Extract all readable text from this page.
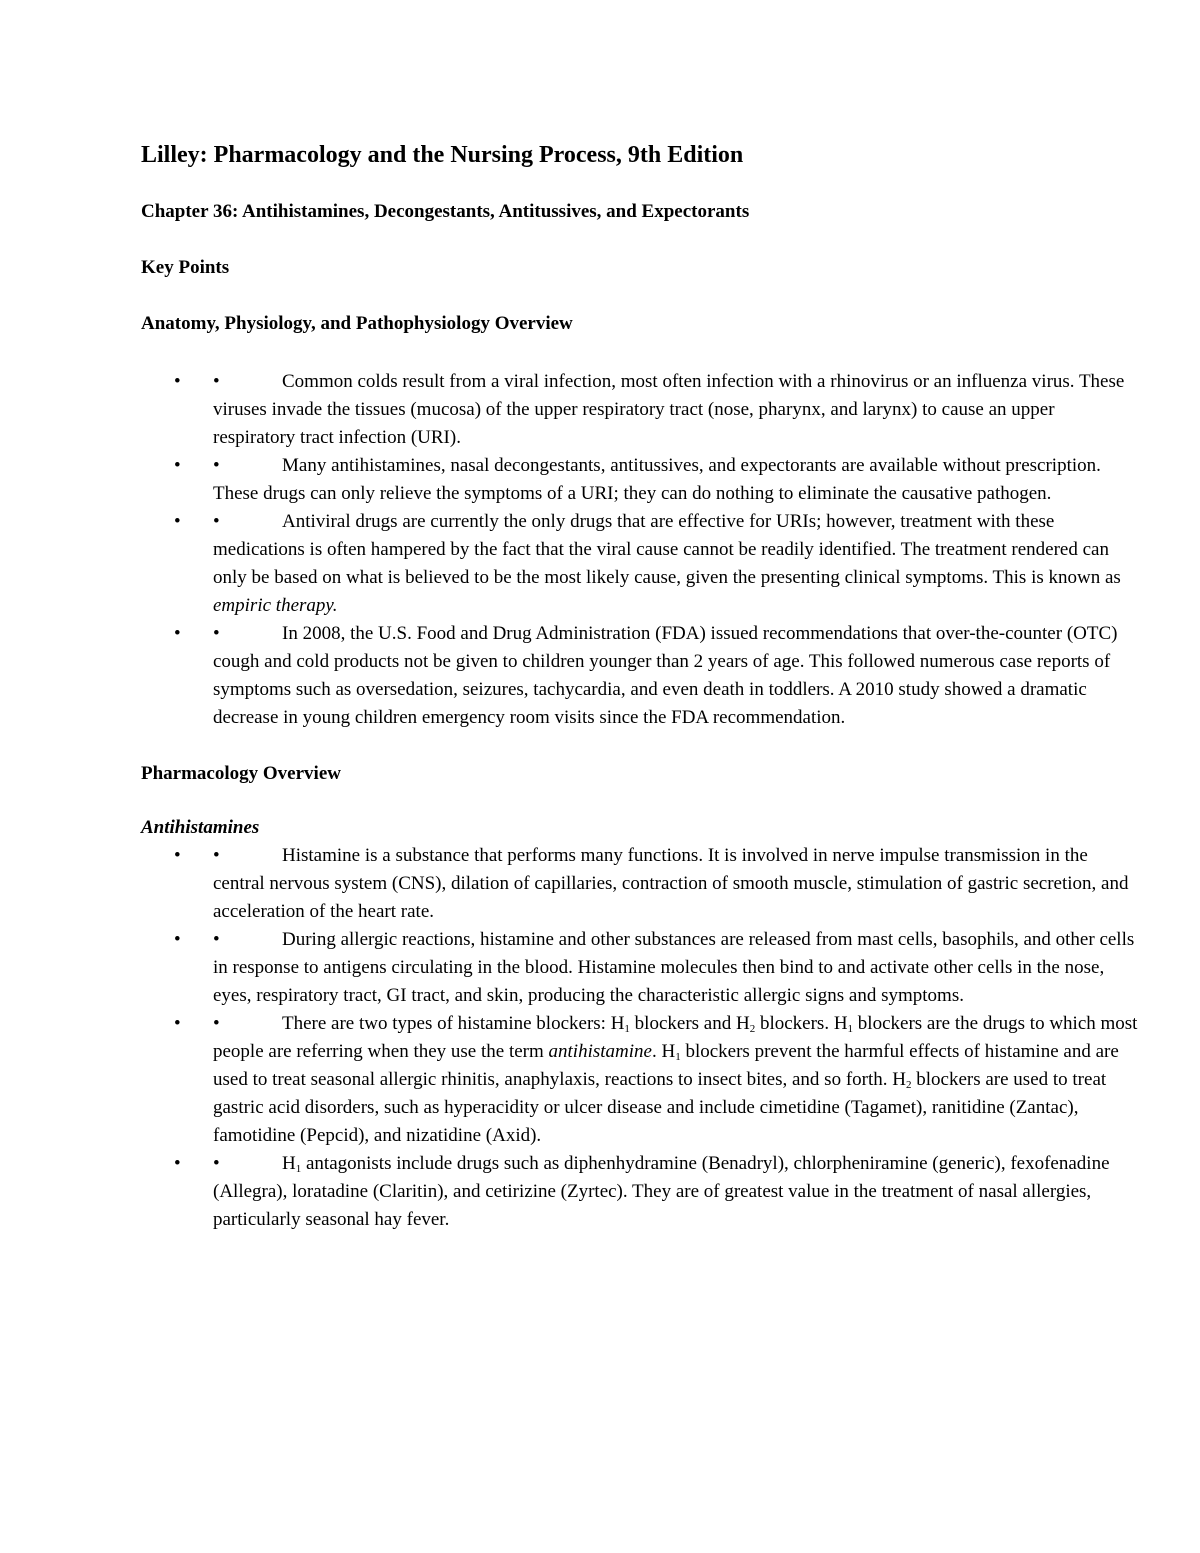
Lilley: Pharmacology and the Nursing Process, 9th Edition
Chapter 36: Antihistamines, Decongestants, Antitussives, and Expectorants
Key Points
Anatomy, Physiology, and Pathophysiology Overview
• •	Common colds result from a viral infection, most often infection with a rhinovirus or an influenza virus. These viruses invade the tissues (mucosa) of the upper respiratory tract (nose, pharynx, and larynx) to cause an upper respiratory tract infection (URI).
• •	Many antihistamines, nasal decongestants, antitussives, and expectorants are available without prescription. These drugs can only relieve the symptoms of a URI; they can do nothing to eliminate the causative pathogen.
• •	Antiviral drugs are currently the only drugs that are effective for URIs; however, treatment with these medications is often hampered by the fact that the viral cause cannot be readily identified. The treatment rendered can only be based on what is believed to be the most likely cause, given the presenting clinical symptoms. This is known as empiric therapy.
• •	In 2008, the U.S. Food and Drug Administration (FDA) issued recommendations that over-the-counter (OTC) cough and cold products not be given to children younger than 2 years of age. This followed numerous case reports of symptoms such as oversedation, seizures, tachycardia, and even death in toddlers. A 2010 study showed a dramatic decrease in young children emergency room visits since the FDA recommendation.
Pharmacology Overview
Antihistamines
• •	Histamine is a substance that performs many functions. It is involved in nerve impulse transmission in the central nervous system (CNS), dilation of capillaries, contraction of smooth muscle, stimulation of gastric secretion, and acceleration of the heart rate.
• •	During allergic reactions, histamine and other substances are released from mast cells, basophils, and other cells in response to antigens circulating in the blood. Histamine molecules then bind to and activate other cells in the nose, eyes, respiratory tract, GI tract, and skin, producing the characteristic allergic signs and symptoms.
• •	There are two types of histamine blockers: $H_1$ blockers and $H_2$ blockers. $H_1$ blockers are the drugs to which most people are referring when they use the term antihistamine. $H_1$ blockers prevent the harmful effects of histamine and are used to treat seasonal allergic rhinitis, anaphylaxis, reactions to insect bites, and so forth. $H_2$ blockers are used to treat gastric acid disorders, such as hyperacidity or ulcer disease and include cimetidine (Tagamet), ranitidine (Zantac), famotidine (Pepcid), and nizatidine (Axid).
• •	$H_1$ antagonists include drugs such as diphenhydramine (Benadryl), chlorpheniramine (generic), fexofenadine (Allegra), loratadine (Claritin), and cetirizine (Zyrtec). They are of greatest value in the treatment of nasal allergies, particularly seasonal hay fever.
